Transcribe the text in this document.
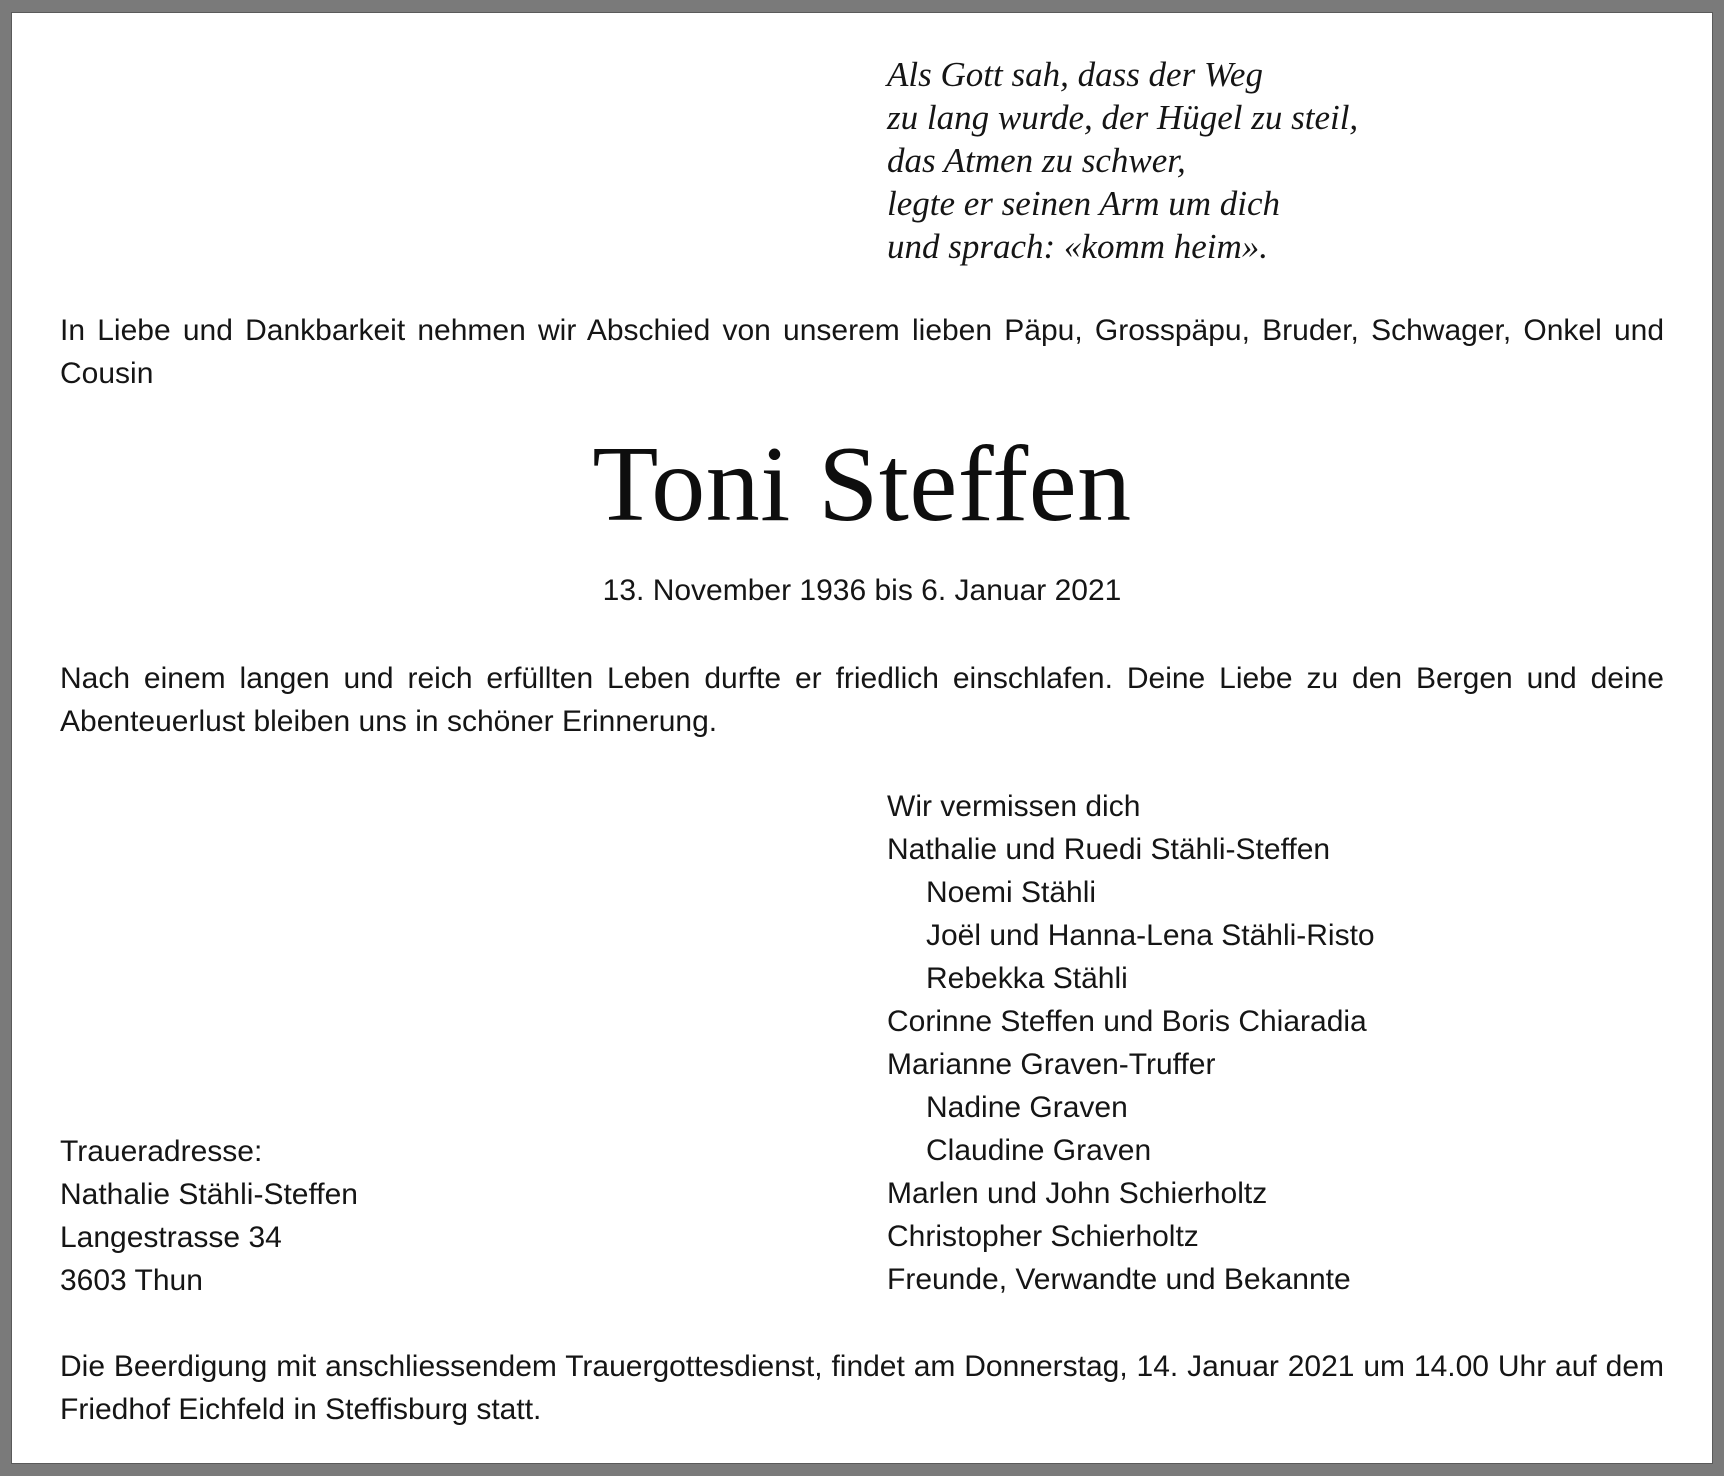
Als Gott sah, dass der Weg
zu lang wurde, der Hügel zu steil,
das Atmen zu schwer,
legte er seinen Arm um dich
und sprach: «komm heim».
In Liebe und Dankbarkeit nehmen wir Abschied von unserem lieben Päpu, Grosspäpu, Bruder, Schwager, Onkel und Cousin
Toni Steffen
13. November 1936 bis 6. Januar 2021
Nach einem langen und reich erfüllten Leben durfte er friedlich einschlafen. Deine Liebe zu den Bergen und deine Abenteuerlust bleiben uns in schöner Erinnerung.
Wir vermissen dich
Nathalie und Ruedi Stähli-Steffen
Noemi Stähli
Joël und Hanna-Lena Stähli-Risto
Rebekka Stähli
Corinne Steffen und Boris Chiaradia
Marianne Graven-Truffer
Nadine Graven
Claudine Graven
Marlen und John Schierholtz
Christopher Schierholtz
Freunde, Verwandte und Bekannte
Traueradresse:
Nathalie Stähli-Steffen
Langestrasse 34
3603 Thun
Die Beerdigung mit anschliessendem Trauergottesdienst, findet am Donnerstag, 14. Januar 2021 um 14.00 Uhr auf dem Friedhof Eichfeld in Steffisburg statt.
